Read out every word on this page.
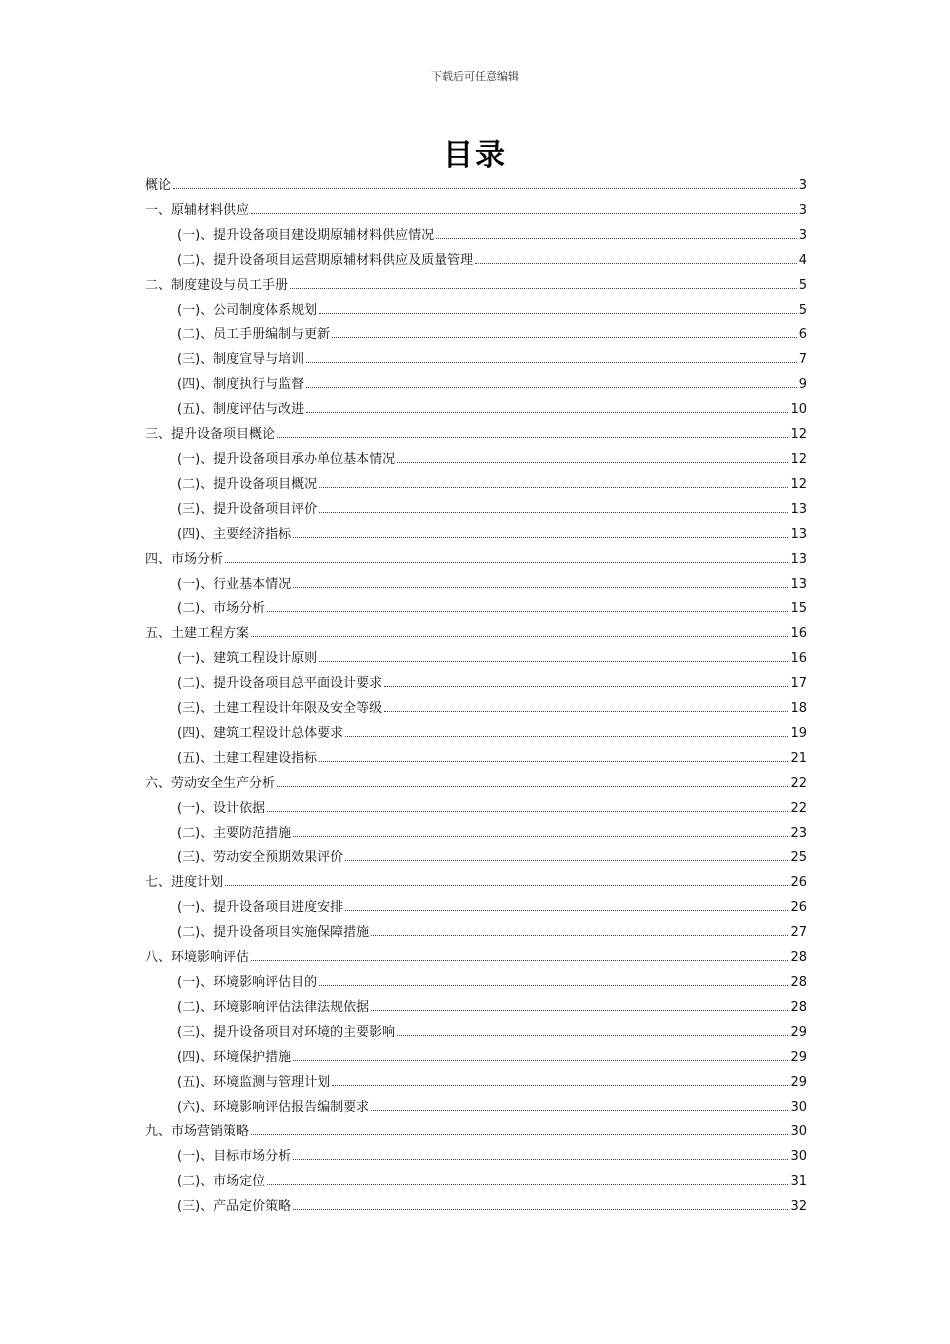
下载后可任意编辑
目录
概论	3
一、原辅材料供应	3
(一)、提升设备项目建设期原辅材料供应情况	3
(二)、提升设备项目运营期原辅材料供应及质量管理	4
二、制度建设与员工手册	5
(一)、公司制度体系规划	5
(二)、员工手册编制与更新	6
(三)、制度宣导与培训	7
(四)、制度执行与监督	9
(五)、制度评估与改进	10
三、提升设备项目概论	12
(一)、提升设备项目承办单位基本情况	12
(二)、提升设备项目概况	12
(三)、提升设备项目评价	13
(四)、主要经济指标	13
四、市场分析	13
(一)、行业基本情况	13
(二)、市场分析	15
五、土建工程方案	16
(一)、建筑工程设计原则	16
(二)、提升设备项目总平面设计要求	17
(三)、土建工程设计年限及安全等级	18
(四)、建筑工程设计总体要求	19
(五)、土建工程建设指标	21
六、劳动安全生产分析	22
(一)、设计依据	22
(二)、主要防范措施	23
(三)、劳动安全预期效果评价	25
七、进度计划	26
(一)、提升设备项目进度安排	26
(二)、提升设备项目实施保障措施	27
八、环境影响评估	28
(一)、环境影响评估目的	28
(二)、环境影响评估法律法规依据	28
(三)、提升设备项目对环境的主要影响	29
(四)、环境保护措施	29
(五)、环境监测与管理计划	29
(六)、环境影响评估报告编制要求	30
九、市场营销策略	30
(一)、目标市场分析	30
(二)、市场定位	31
(三)、产品定价策略	32
